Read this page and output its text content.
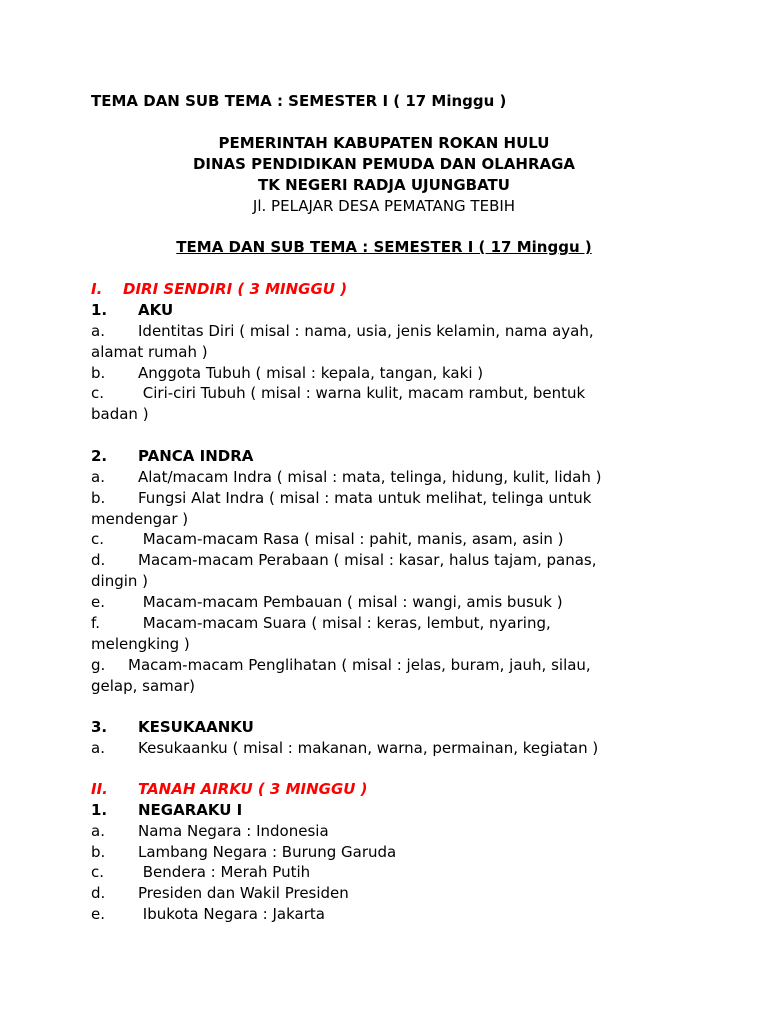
TEMA DAN SUB TEMA : SEMESTER I ( 17 Minggu )
PEMERINTAH KABUPATEN ROKAN HULU
DINAS PENDIDIKAN PEMUDA DAN OLAHRAGA
TK NEGERI RADJA UJUNGBATU
Jl. PELAJAR DESA PEMATANG TEBIH
TEMA DAN SUB TEMA : SEMESTER I ( 17 Minggu )
I. DIRI SENDIRI ( 3 MINGGU )
1. AKU
a. Identitas Diri ( misal : nama, usia, jenis kelamin, nama ayah,
alamat rumah )
b. Anggota Tubuh ( misal : kepala, tangan, kaki )
c. Ciri-ciri Tubuh ( misal : warna kulit, macam rambut, bentuk
badan )
2. PANCA INDRA
a. Alat/macam Indra ( misal : mata, telinga, hidung, kulit, lidah )
b. Fungsi Alat Indra ( misal : mata untuk melihat, telinga untuk
mendengar )
c. Macam-macam Rasa ( misal : pahit, manis, asam, asin )
d. Macam-macam Perabaan ( misal : kasar, halus tajam, panas,
dingin )
e. Macam-macam Pembauan ( misal : wangi, amis busuk )
f.	Macam-macam Suara ( misal : keras, lembut, nyaring,
melengking )
g. Macam-macam Penglihatan ( misal : jelas, buram, jauh, silau,
gelap, samar)
3. KESUKAANKU
a. Kesukaanku ( misal : makanan, warna, permainan, kegiatan )
II. TANAH AIRKU ( 3 MINGGU )
1. NEGARAKU I
a. Nama Negara : Indonesia
b. Lambang Negara : Burung Garuda
c. Bendera : Merah Putih
d. Presiden dan Wakil Presiden
e. Ibukota Negara : Jakarta
